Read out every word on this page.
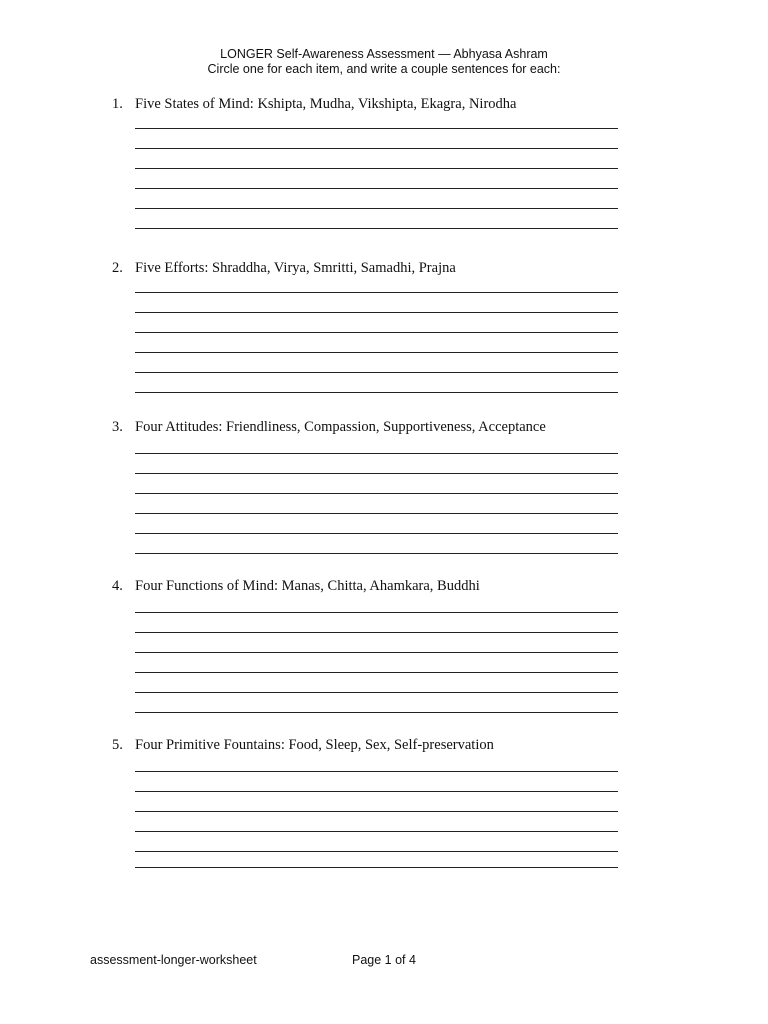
LONGER Self-Awareness Assessment — Abhyasa Ashram
Circle one for each item, and write a couple sentences for each:
1. Five States of Mind: Kshipta, Mudha, Vikshipta, Ekagra, Nirodha
2. Five Efforts: Shraddha, Virya, Smritti, Samadhi, Prajna
3. Four Attitudes: Friendliness, Compassion, Supportiveness, Acceptance
4. Four Functions of Mind: Manas, Chitta, Ahamkara, Buddhi
5. Four Primitive Fountains: Food, Sleep, Sex, Self-preservation
assessment-longer-worksheet	Page 1 of 4
